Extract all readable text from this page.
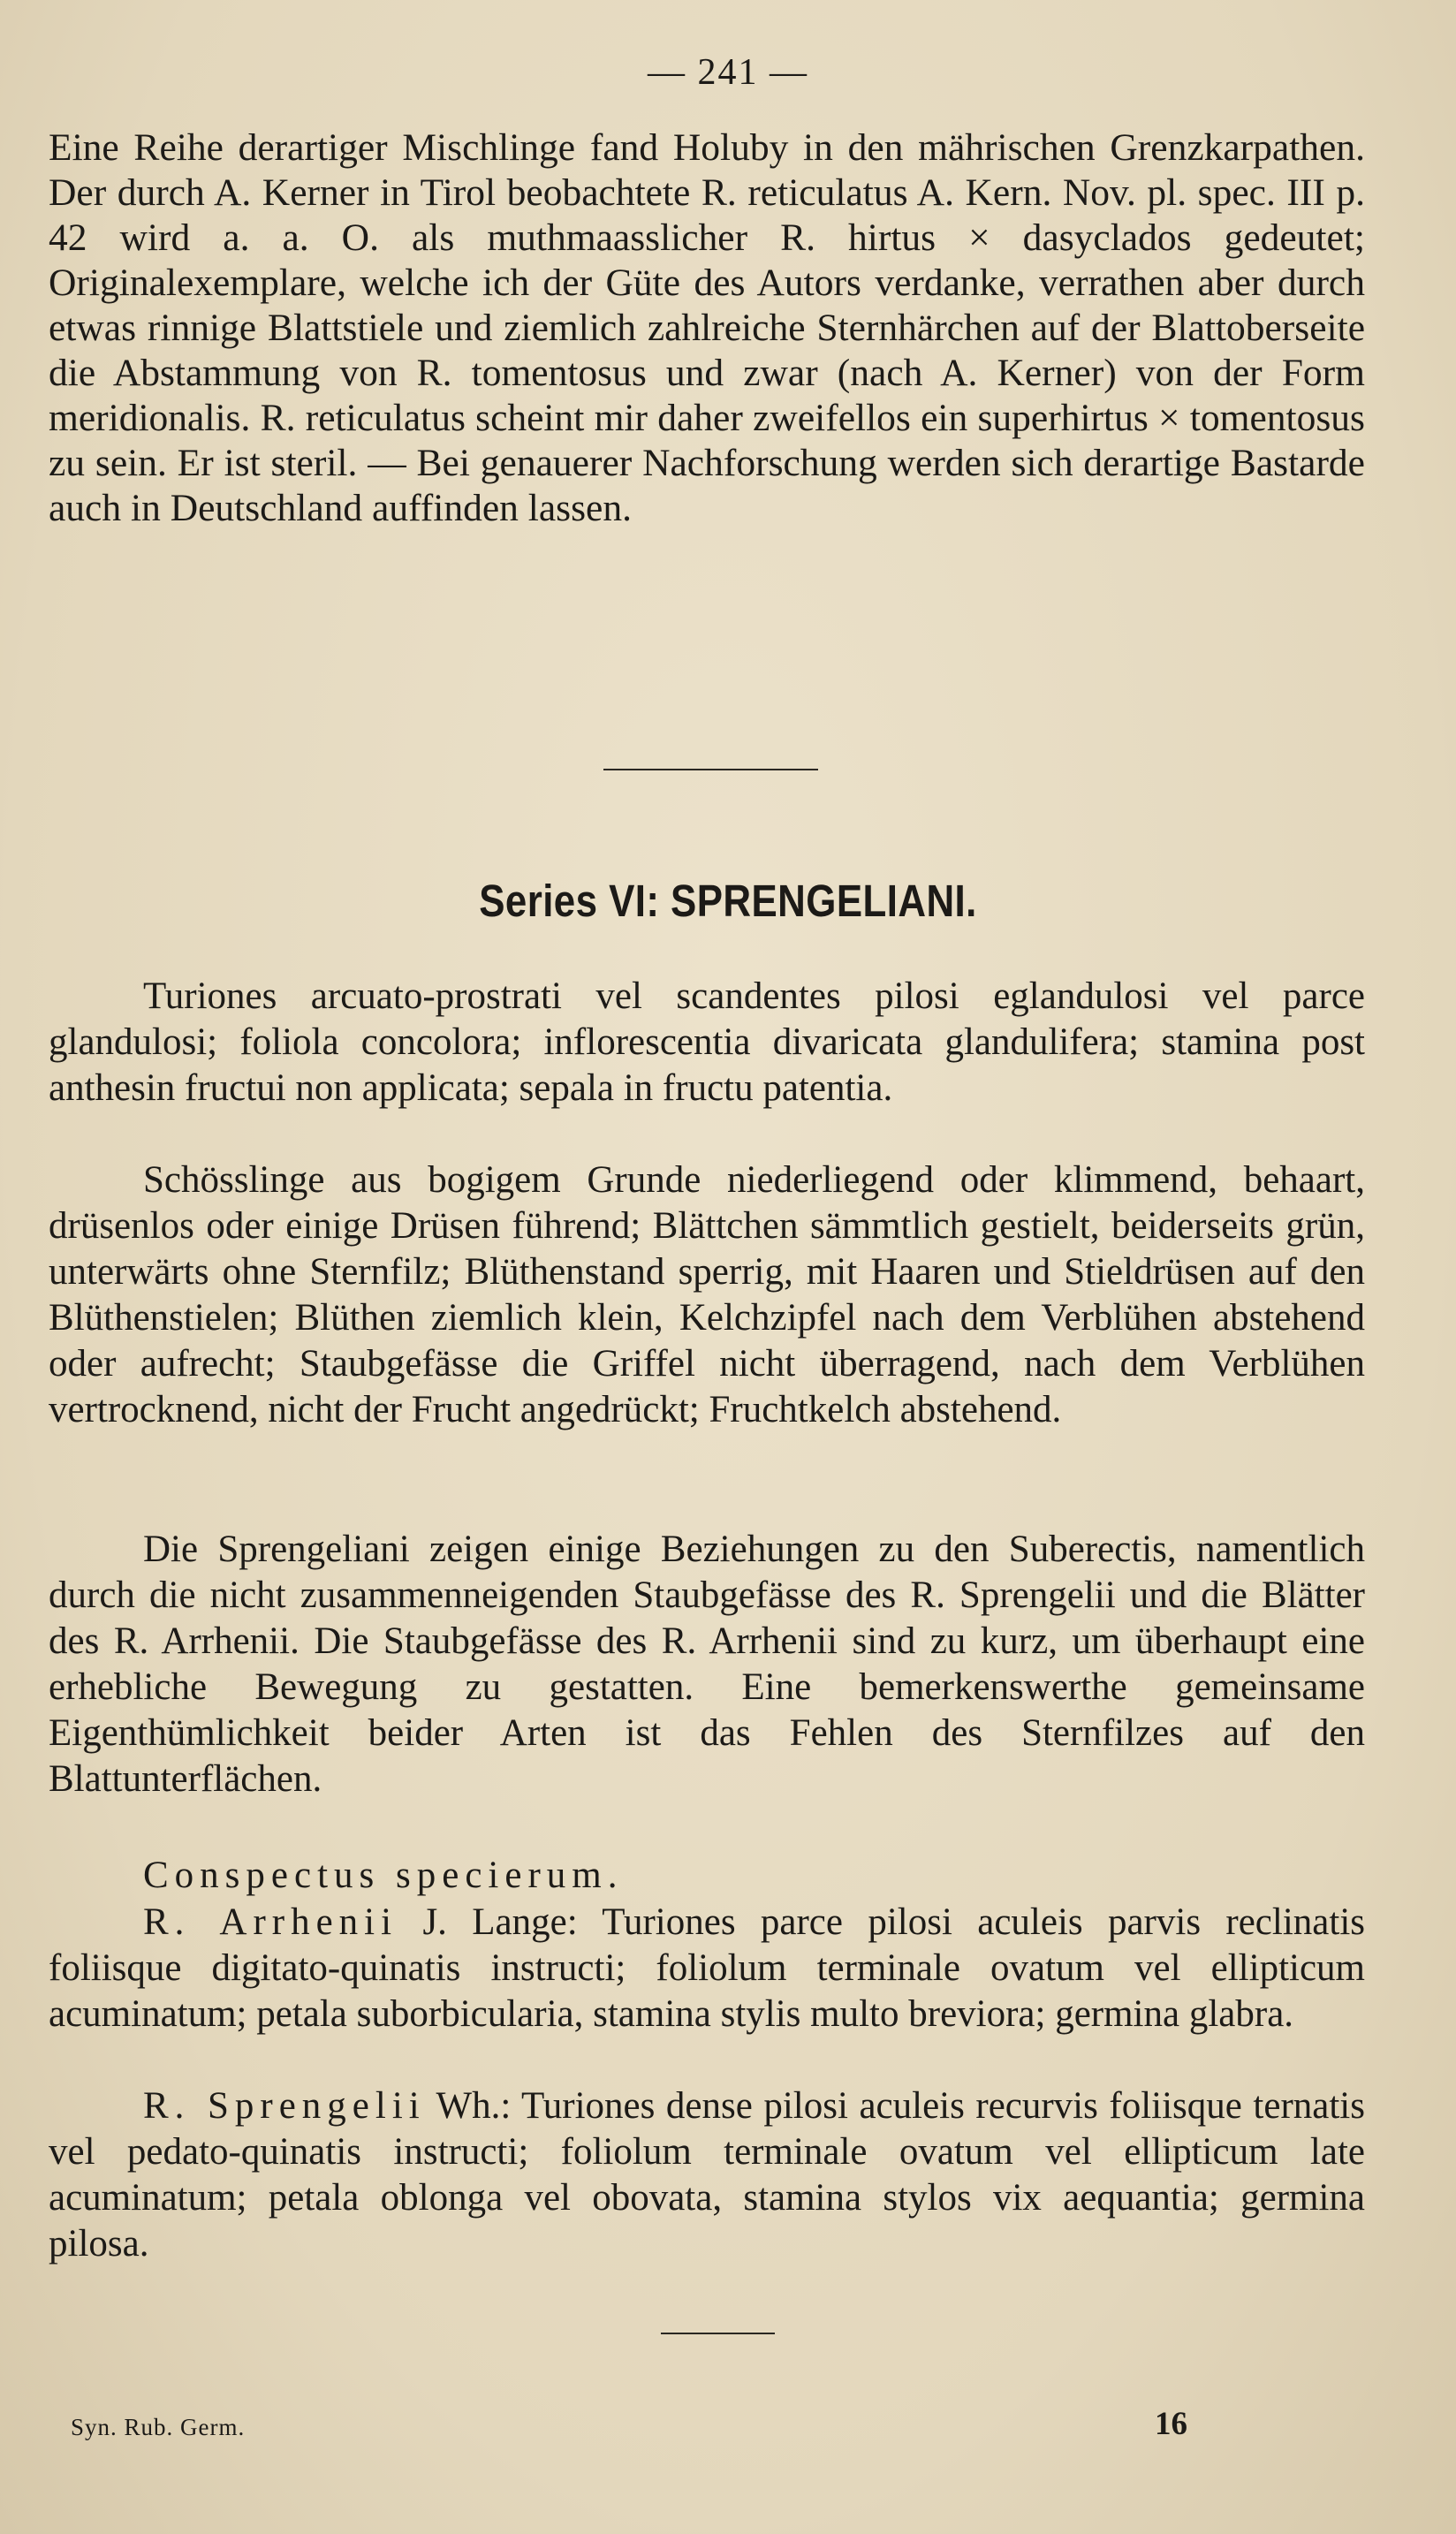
— 241 —

Eine Reihe derartiger Mischlinge fand Holuby in den mährischen Grenzkarpathen. Der durch A. Kerner in Tirol beobachtete R. reticulatus A. Kern. Nov. pl. spec. III p. 42 wird a. a. O. als muthmaasslicher R. hirtus × dasyclados gedeutet; Originalexemplare, welche ich der Güte des Autors verdanke, verrathen aber durch etwas rinnige Blattstiele und ziemlich zahlreiche Sternhärchen auf der Blattoberseite die Abstammung von R. tomentosus und zwar (nach A. Kerner) von der Form meridionalis. R. reticulatus scheint mir daher zweifellos ein superhirtus × tomentosus zu sein. Er ist steril. — Bei genauerer Nachforschung werden sich derartige Bastarde auch in Deutschland auffinden lassen.

Series VI: SPRENGELIANI.

Turiones arcuato-prostrati vel scandentes pilosi eglandulosi vel parce glandulosi; foliola concolora; inflorescentia divaricata glandulifera; stamina post anthesin fructui non applicata; sepala in fructu patentia.

Schösslinge aus bogigem Grunde niederliegend oder klimmend, behaart, drüsenlos oder einige Drüsen führend; Blättchen sämmtlich gestielt, beiderseits grün, unterwärts ohne Sternfilz; Blüthenstand sperrig, mit Haaren und Stieldrüsen auf den Blüthenstielen; Blüthen ziemlich klein, Kelchzipfel nach dem Verblühen abstehend oder aufrecht; Staubgefässe die Griffel nicht überragend, nach dem Verblühen vertrocknend, nicht der Frucht angedrückt; Fruchtkelch abstehend.

Die Sprengeliani zeigen einige Beziehungen zu den Suberectis, namentlich durch die nicht zusammenneigenden Staubgefässe des R. Sprengelii und die Blätter des R. Arrhenii. Die Staubgefässe des R. Arrhenii sind zu kurz, um überhaupt eine erhebliche Bewegung zu gestatten. Eine bemerkenswerthe gemeinsame Eigenthümlichkeit beider Arten ist das Fehlen des Sternfilzes auf den Blattunterflächen.

Conspectus specierum.

R. Arrhenii J. Lange: Turiones parce pilosi aculeis parvis reclinatis foliisque digitato-quinatis instructi; foliolum terminale ovatum vel ellipticum acuminatum; petala suborbicularia, stamina stylis multo breviora; germina glabra.

R. Sprengelii Wh.: Turiones dense pilosi aculeis recurvis foliisque ternatis vel pedato-quinatis instructi; foliolum terminale ovatum vel ellipticum late acuminatum; petala oblonga vel obovata, stamina stylos vix aequantia; germina pilosa.

Syn. Rub. Germ.	16
